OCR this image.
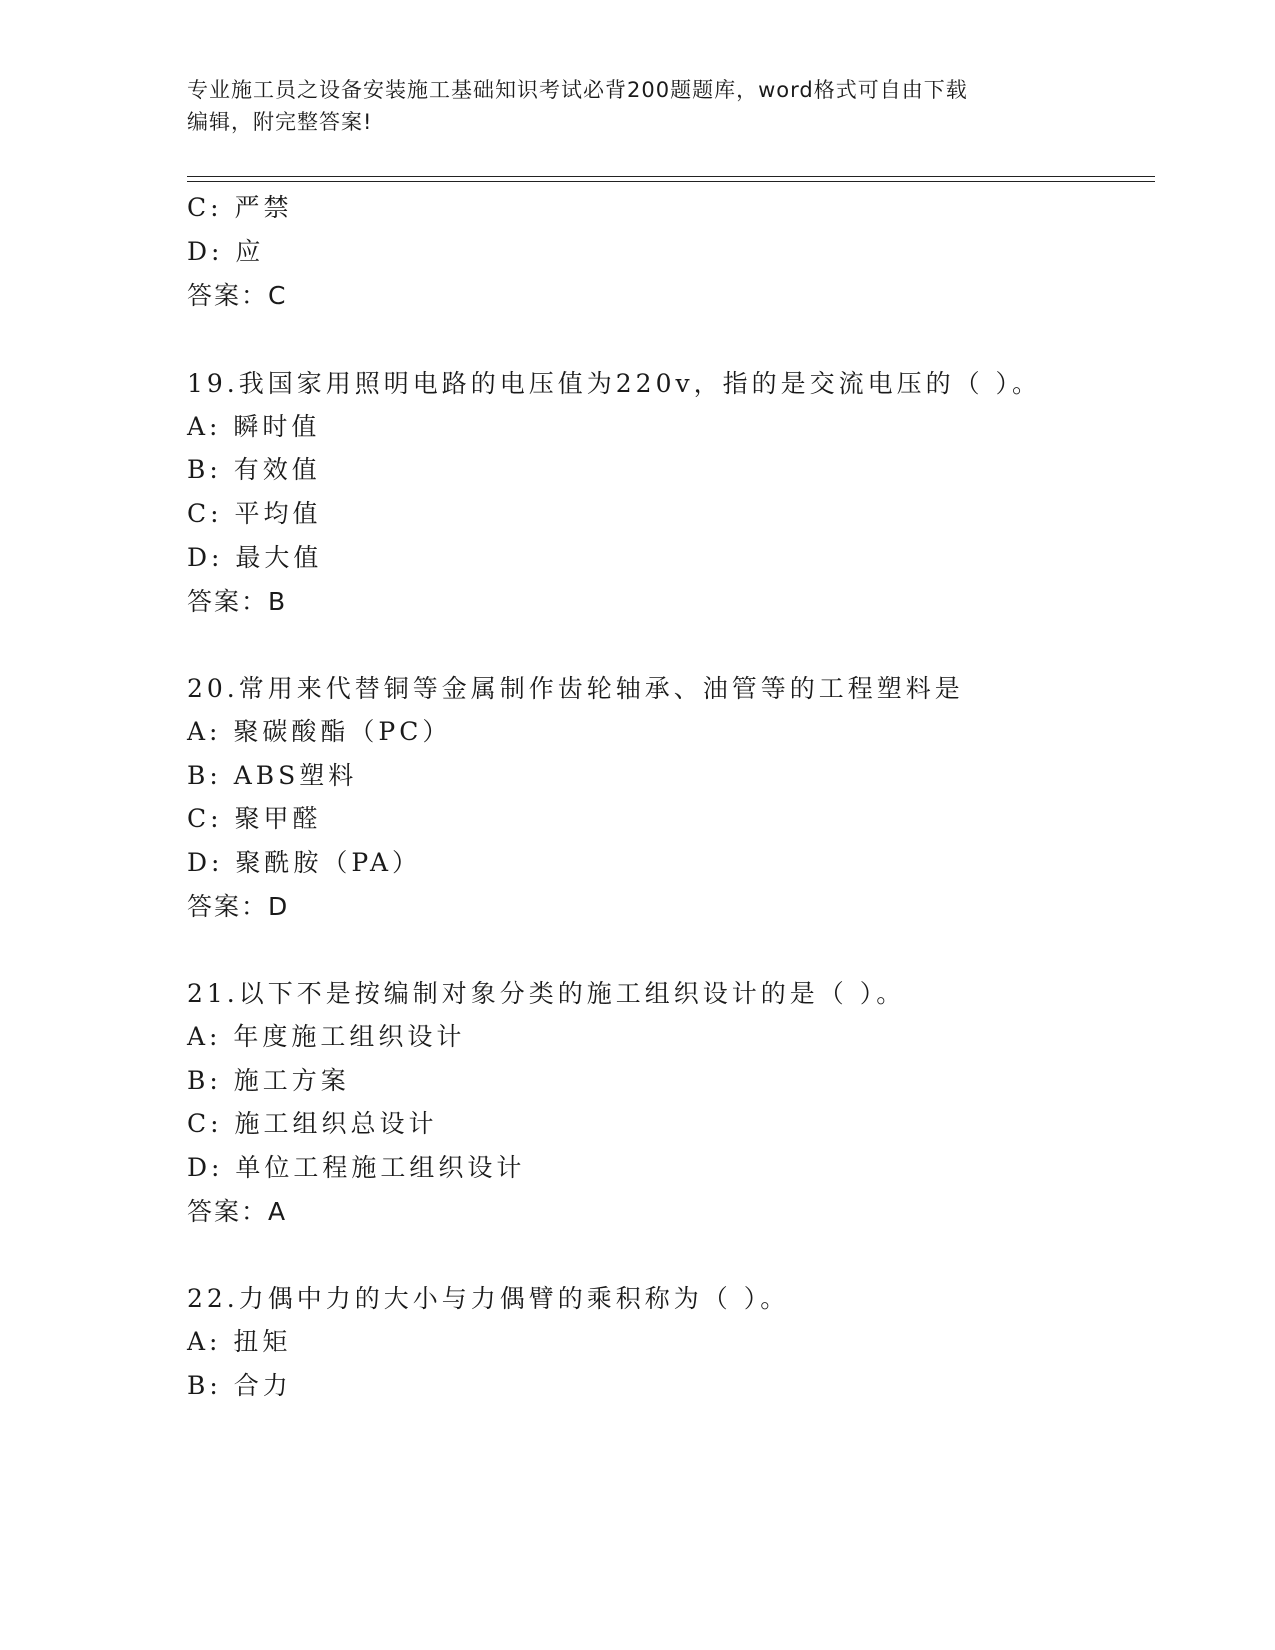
专业施工员之设备安装施工基础知识考试必背200题题库，word格式可自由下载
编辑，附完整答案!
C: 严禁
D: 应
答案：C
19.我国家用照明电路的电压值为220v，指的是交流电压的（ ）。
A: 瞬时值
B: 有效值
C: 平均值
D: 最大值
答案：B
20.常用来代替铜等金属制作齿轮轴承、油管等的工程塑料是
A: 聚碳酸酯（PC）
B: ABS塑料
C: 聚甲醛
D: 聚酰胺（PA）
答案：D
21.以下不是按编制对象分类的施工组织设计的是（ ）。
A: 年度施工组织设计
B: 施工方案
C: 施工组织总设计
D: 单位工程施工组织设计
答案：A
22.力偶中力的大小与力偶臂的乘积称为（ ）。
A: 扭矩
B: 合力
